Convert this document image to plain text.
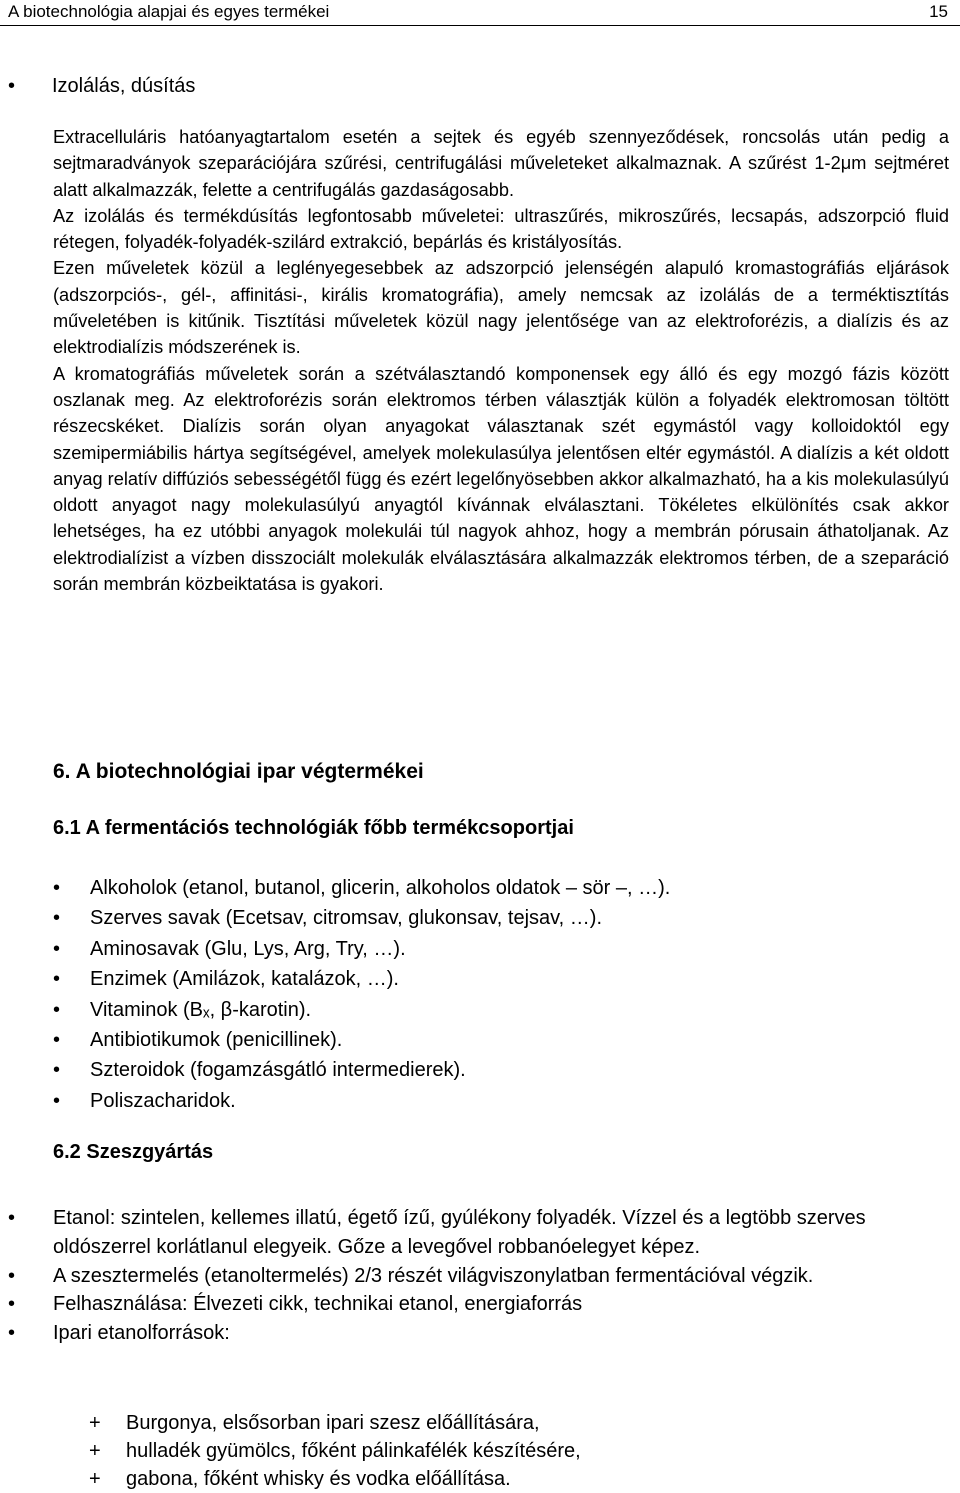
A biotechnológia alapjai és egyes termékei	15
•	Izolálás, dúsítás

Extracelluláris hatóanyagtartalom esetén a sejtek és egyéb szennyeződések, roncsolás után pedig a sejtmaradványok szeparációjára szűrési, centrifugálási műveleteket alkalmaznak. A szűrést 1-2μm sejtméret alatt alkalmazzák, felette a centrifugálás gazdaságosabb.

Az izolálás és termékdúsítás legfontosabb műveletei: ultraszűrés, mikroszűrés, lecsapás, adszorpció fluid rétegen, folyadék-folyadék-szilárd extrakció, bepárlás és kristályosítás.

Ezen műveletek közül a leglényegesebbek az adszorpció jelenségén alapuló kromastográfiás eljárások (adszorpciós-, gél-, affinitási-, királis kromatográfia), amely nemcsak az izolálás de a terméktisztítás műveletében is kitűnik. Tisztítási műveletek közül nagy jelentősége van az elektroforézis, a dialízis és az elektrodialízis módszerének is.

A kromatográfiás műveletek során a szétválasztandó komponensek egy álló és egy mozgó fázis között oszlanak meg. Az elektroforézis során elektromos térben választják külön a folyadék elektromosan töltött részecskéket. Dialízis során olyan anyagokat választanak szét egymástól vagy kolloidoktól egy szemipermiábilis hártya segítségével, amelyek molekulasúlya jelentősen eltér egymástól. A dialízis a két oldott anyag relatív diffúziós sebességétől függ és ezért legelőnyösebben akkor alkalmazható, ha a kis molekulasúlyú oldott anyagot nagy molekulasúlyú anyagtól kívánnak elválasztani. Tökéletes elkülönítés csak akkor lehetséges, ha ez utóbbi anyagok molekulái túl nagyok ahhoz, hogy a membrán pórusain áthatoljanak. Az elektrodialízist a vízben disszociált molekulák elválasztására alkalmazzák elektromos térben, de a szeparáció során membrán közbeiktatása is gyakori.

6. A biotechnológiai ipar végtermékei
6.1 A fermentációs technológiák főbb termékcsoportjai
• Alkoholok (etanol, butanol, glicerin, alkoholos oldatok – sör –, …).
• Szerves savak (Ecetsav, citromsav, glukonsav, tejsav, …).
• Aminosavak (Glu, Lys, Arg, Try, …).
• Enzimek (Amilázok, katalázok, …).
• Vitaminok (Bₓ, β-karotin).
• Antibiotikumok (penicillinek).
• Szteroidok (fogamzásgátló intermedierek).
• Poliszacharidok.
6.2 Szeszgyártás
• Etanol: szintelen, kellemes illatú, égető ízű, gyúlékony folyadék. Vízzel és a legtöbb szerves oldószerrel korlátlanul elegyeik. Gőze a levegővel robbanóelegyet képez.
• A szesztermelés (etanoltermelés) 2/3 részét világviszonylatban fermentációval végzik.
• Felhasználása: Élvezeti cikk, technikai etanol, energiaforrás
• Ipari etanolforrások:
+ Burgonya, elsősorban ipari szesz előállítására,
+ hulladék gyümölcs, főként pálinkafélék készítésére,
+ gabona, főként whisky és vodka előállítása.
